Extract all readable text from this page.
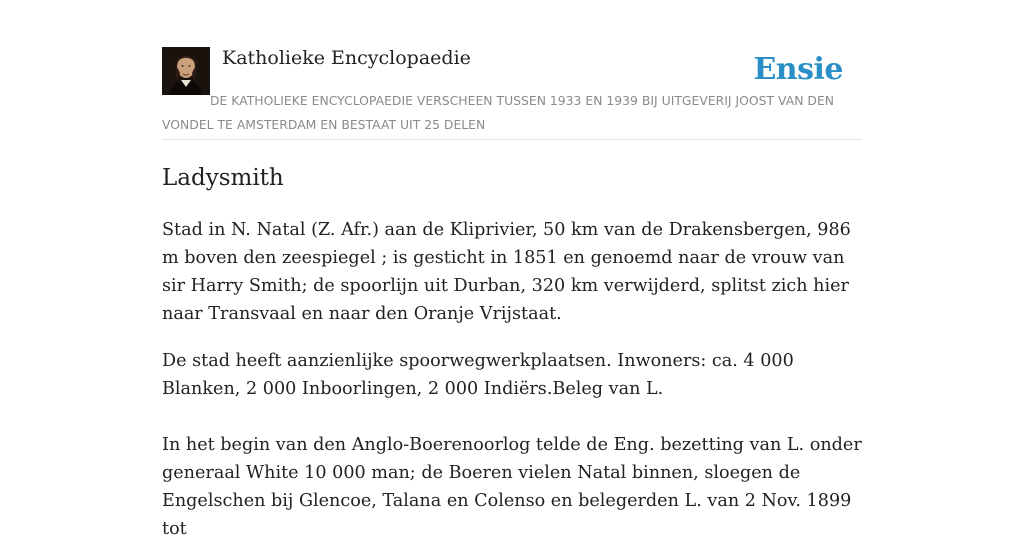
Katholieke Encyclopaedie	Ensie
DE KATHOLIEKE ENCYCLOPAEDIE VERSCHEEN TUSSEN 1933 EN 1939 BIJ UITGEVERIJ JOOST VAN DEN VONDEL TE AMSTERDAM EN BESTAAT UIT 25 DELEN
Ladysmith

Stad in N. Natal (Z. Afr.) aan de Kliprivier, 50 km van de Drakensbergen, 986 m boven den zeespiegel ; is gesticht in 1851 en genoemd naar de vrouw van sir Harry Smith; de spoorlijn uit Durban, 320 km verwijderd, splitst zich hier naar Transvaal en naar den Oranje Vrijstaat.

De stad heeft aanzienlijke spoorwegwerkplaatsen. Inwoners: ca. 4 000 Blanken, 2 000 Inboorlingen, 2 000 Indiërs.Beleg van L.

In het begin van den Anglo-Boerenoorlog telde de Eng. bezetting van L. onder generaal White 10 000 man; de Boeren vielen Natal binnen, sloegen de Engelschen bij Glencoe, Talana en Colenso en belegerden L. van 2 Nov. 1899 tot
